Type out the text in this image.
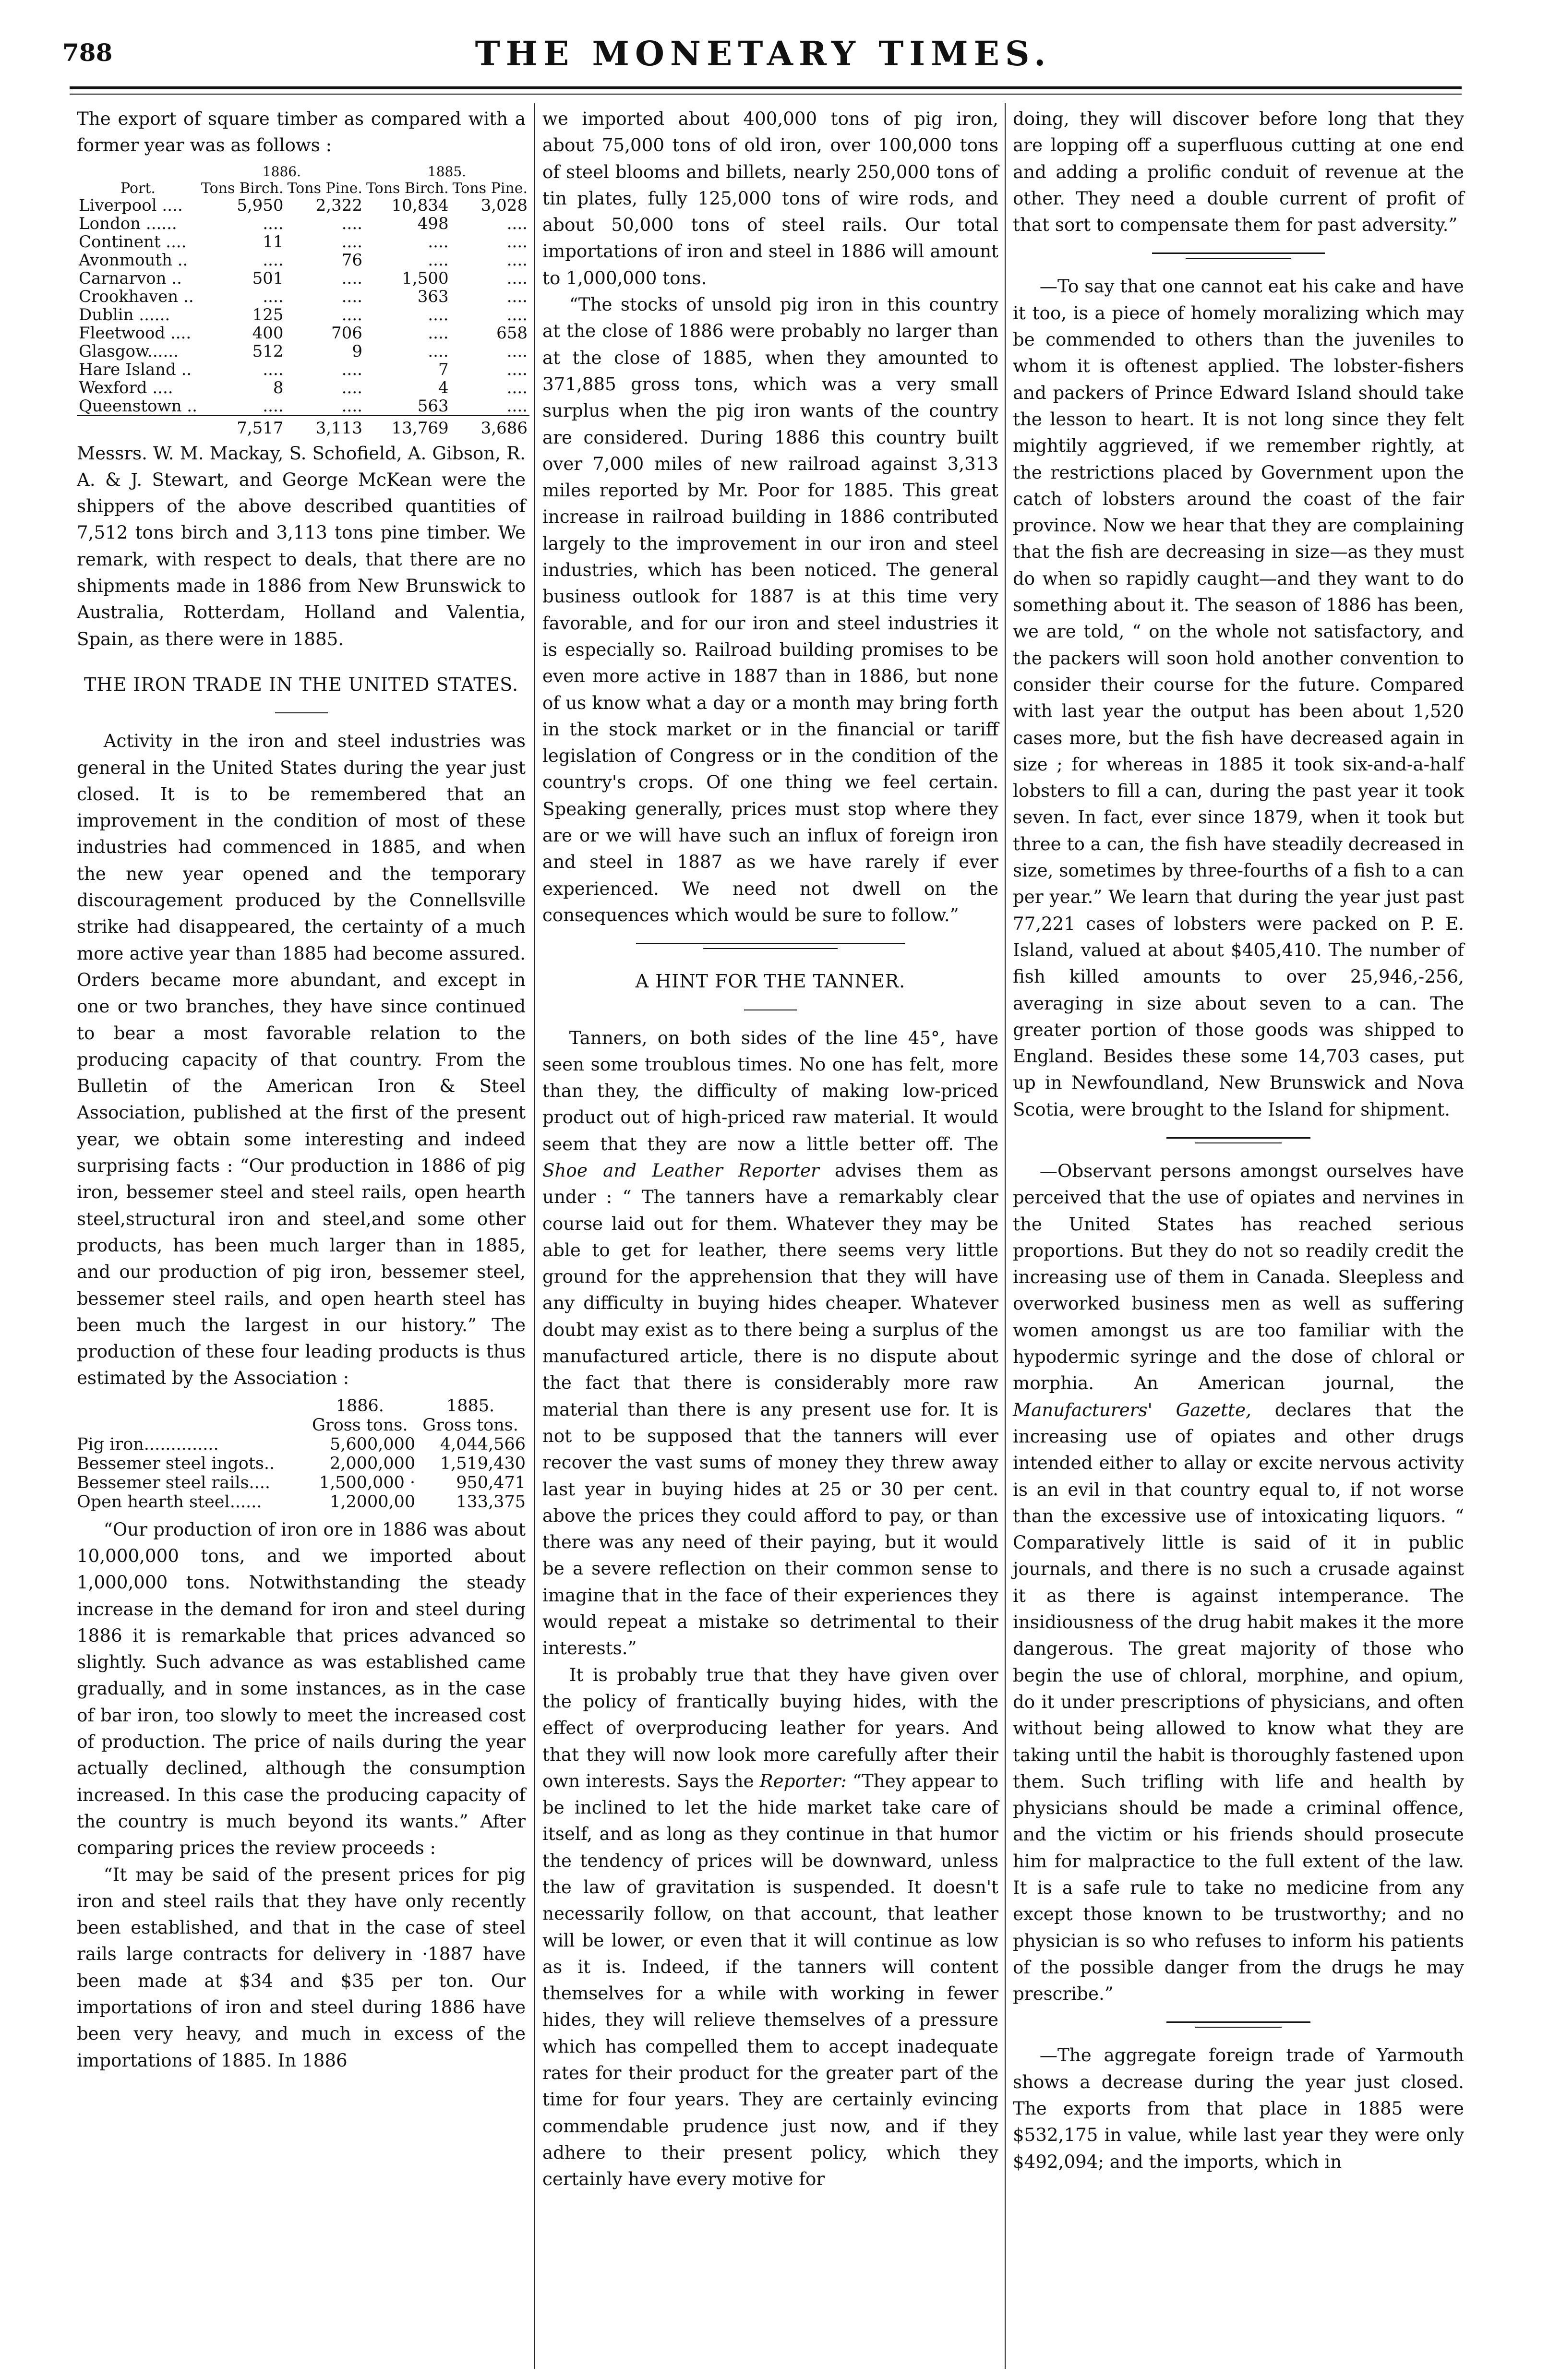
788	THE MONETARY TIMES.

The export of square timber as compared with a former year was as follows :

	1886.		1885.	
Port.	Tons Birch.	Tons Pine.	Tons Birch.	Tons Pine.
Liverpool ....	5,950	2,322	10,834	3,028
London ......	....	....	498	....
Continent ....	11	....	....	....
Avonmouth ..	....	76	....	....
Carnarvon ..	501	....	1,500	....
Crookhaven ..	....	....	363	....
Dublin ......	125	....	....	....
Fleetwood ....	400	706	....	658
Glasgow......	512	9	....	....
Hare Island ..	....	....	7	....
Wexford ....	8	....	4	....
Queenstown ..	....	....	563	....
	7,517	3,113	13,769	3,686

Messrs. W. M. Mackay, S. Schofield, A. Gibson, R. A. & J. Stewart, and George McKean were the shippers of the above described quantities of 7,512 tons birch and 3,113 tons pine timber. We remark, with respect to deals, that there are no shipments made in 1886 from New Brunswick to Australia, Rotterdam, Holland and Valentia, Spain, as there were in 1885.

THE IRON TRADE IN THE UNITED STATES.

Activity in the iron and steel industries was general in the United States during the year just closed. It is to be remembered that an improvement in the condition of most of these industries had commenced in 1885, and when the new year opened and the temporary discouragement produced by the Connellsville strike had disappeared, the certainty of a much more active year than 1885 had become assured. Orders became more abundant, and except in one or two branches, they have since continued to bear a most favorable relation to the producing capacity of that country. From the Bulletin of the American Iron & Steel Association, published at the first of the present year, we obtain some interesting and indeed surprising facts : “Our production in 1886 of pig iron, bessemer steel and steel rails, open hearth steel,structural iron and steel,and some other products, has been much larger than in 1885, and our production of pig iron, bessemer steel, bessemer steel rails, and open hearth steel has been much the largest in our history.” The production of these four leading products is thus estimated by the Association :

	1886.	1885.
	Gross tons.	Gross tons.
Pig iron..............	5,600,000	4,044,566
Bessemer steel ingots..	2,000,000	1,519,430
Bessemer steel rails....	1,500,000 ·	950,471
Open hearth steel......	1,2000,00	133,375

“Our production of iron ore in 1886 was about 10,000,000 tons, and we imported about 1,000,000 tons. Notwithstanding the steady increase in the demand for iron and steel during 1886 it is remarkable that prices advanced so slightly. Such advance as was established came gradually, and in some instances, as in the case of bar iron, too slowly to meet the increased cost of production. The price of nails during the year actually declined, although the consumption increased. In this case the producing capacity of the country is much beyond its wants.” After comparing prices the review proceeds :

“It may be said of the present prices for pig iron and steel rails that they have only recently been established, and that in the case of steel rails large contracts for delivery in ·1887 have been made at $34 and $35 per ton. Our importations of iron and steel during 1886 have been very heavy, and much in excess of the importations of 1885. In 1886

we imported about 400,000 tons of pig iron, about 75,000 tons of old iron, over 100,000 tons of steel blooms and billets, nearly 250,000 tons of tin plates, fully 125,000 tons of wire rods, and about 50,000 tons of steel rails. Our total importations of iron and steel in 1886 will amount to 1,000,000 tons.

“The stocks of unsold pig iron in this country at the close of 1886 were probably no larger than at the close of 1885, when they amounted to 371,885 gross tons, which was a very small surplus when the pig iron wants of the country are considered. During 1886 this country built over 7,000 miles of new railroad against 3,313 miles reported by Mr. Poor for 1885. This great increase in railroad building in 1886 contributed largely to the improvement in our iron and steel industries, which has been noticed. The general business outlook for 1887 is at this time very favorable, and for our iron and steel industries it is especially so. Railroad building promises to be even more active in 1887 than in 1886, but none of us know what a day or a month may bring forth in the stock market or in the financial or tariff legislation of Congress or in the condition of the country's crops. Of one thing we feel certain. Speaking generally, prices must stop where they are or we will have such an influx of foreign iron and steel in 1887 as we have rarely if ever experienced. We need not dwell on the consequences which would be sure to follow.”

A HINT FOR THE TANNER.

Tanners, on both sides of the line 45°, have seen some troublous times. No one has felt, more than they, the difficulty of making low-priced product out of high-priced raw material. It would seem that they are now a little better off. The Shoe and Leather Reporter advises them as under : “ The tanners have a remarkably clear course laid out for them. Whatever they may be able to get for leather, there seems very little ground for the apprehension that they will have any difficulty in buying hides cheaper. Whatever doubt may exist as to there being a surplus of the manufactured article, there is no dispute about the fact that there is considerably more raw material than there is any present use for. It is not to be supposed that the tanners will ever recover the vast sums of money they threw away last year in buying hides at 25 or 30 per cent. above the prices they could afford to pay, or than there was any need of their paying, but it would be a severe reflection on their common sense to imagine that in the face of their experiences they would repeat a mistake so detrimental to their interests.”

It is probably true that they have given over the policy of frantically buying hides, with the effect of overproducing leather for years. And that they will now look more carefully after their own interests. Says the Reporter: “They appear to be inclined to let the hide market take care of itself, and as long as they continue in that humor the tendency of prices will be downward, unless the law of gravitation is suspended. It doesn't necessarily follow, on that account, that leather will be lower, or even that it will continue as low as it is. Indeed, if the tanners will content themselves for a while with working in fewer hides, they will relieve themselves of a pressure which has compelled them to accept inadequate rates for their product for the greater part of the time for four years. They are certainly evincing commendable prudence just now, and if they adhere to their present policy, which they certainly have every motive for

doing, they will discover before long that they are lopping off a superfluous cutting at one end and adding a prolific conduit of revenue at the other. They need a double current of profit of that sort to compensate them for past adversity.”

—To say that one cannot eat his cake and have it too, is a piece of homely moralizing which may be commended to others than the juveniles to whom it is oftenest applied. The lobster-fishers and packers of Prince Edward Island should take the lesson to heart. It is not long since they felt mightily aggrieved, if we remember rightly, at the restrictions placed by Government upon the catch of lobsters around the coast of the fair province. Now we hear that they are complaining that the fish are decreasing in size—as they must do when so rapidly caught—and they want to do something about it. The season of 1886 has been, we are told, “ on the whole not satisfactory, and the packers will soon hold another convention to consider their course for the future. Compared with last year the output has been about 1,520 cases more, but the fish have decreased again in size ; for whereas in 1885 it took six-and-a-half lobsters to fill a can, during the past year it took seven. In fact, ever since 1879, when it took but three to a can, the fish have steadily decreased in size, sometimes by three-fourths of a fish to a can per year.” We learn that during the year just past 77,221 cases of lobsters were packed on P. E. Island, valued at about $405,410. The number of fish killed amounts to over 25,946,-256, averaging in size about seven to a can. The greater portion of those goods was shipped to England. Besides these some 14,703 cases, put up in Newfoundland, New Brunswick and Nova Scotia, were brought to the Island for shipment.

—Observant persons amongst ourselves have perceived that the use of opiates and nervines in the United States has reached serious proportions. But they do not so readily credit the increasing use of them in Canada. Sleepless and overworked business men as well as suffering women amongst us are too familiar with the hypodermic syringe and the dose of chloral or morphia. An American journal, the Manufacturers' Gazette, declares that the increasing use of opiates and other drugs intended either to allay or excite nervous activity is an evil in that country equal to, if not worse than the excessive use of intoxicating liquors. “ Comparatively little is said of it in public journals, and there is no such a crusade against it as there is against intemperance. The insidiousness of the drug habit makes it the more dangerous. The great majority of those who begin the use of chloral, morphine, and opium, do it under prescriptions of physicians, and often without being allowed to know what they are taking until the habit is thoroughly fastened upon them. Such trifling with life and health by physicians should be made a criminal offence, and the victim or his friends should prosecute him for malpractice to the full extent of the law. It is a safe rule to take no medicine from any except those known to be trustworthy; and no physician is so who refuses to inform his patients of the possible danger from the drugs he may prescribe.”

—The aggregate foreign trade of Yarmouth shows a decrease during the year just closed. The exports from that place in 1885 were $532,175 in value, while last year they were only $492,094; and the imports, which in
